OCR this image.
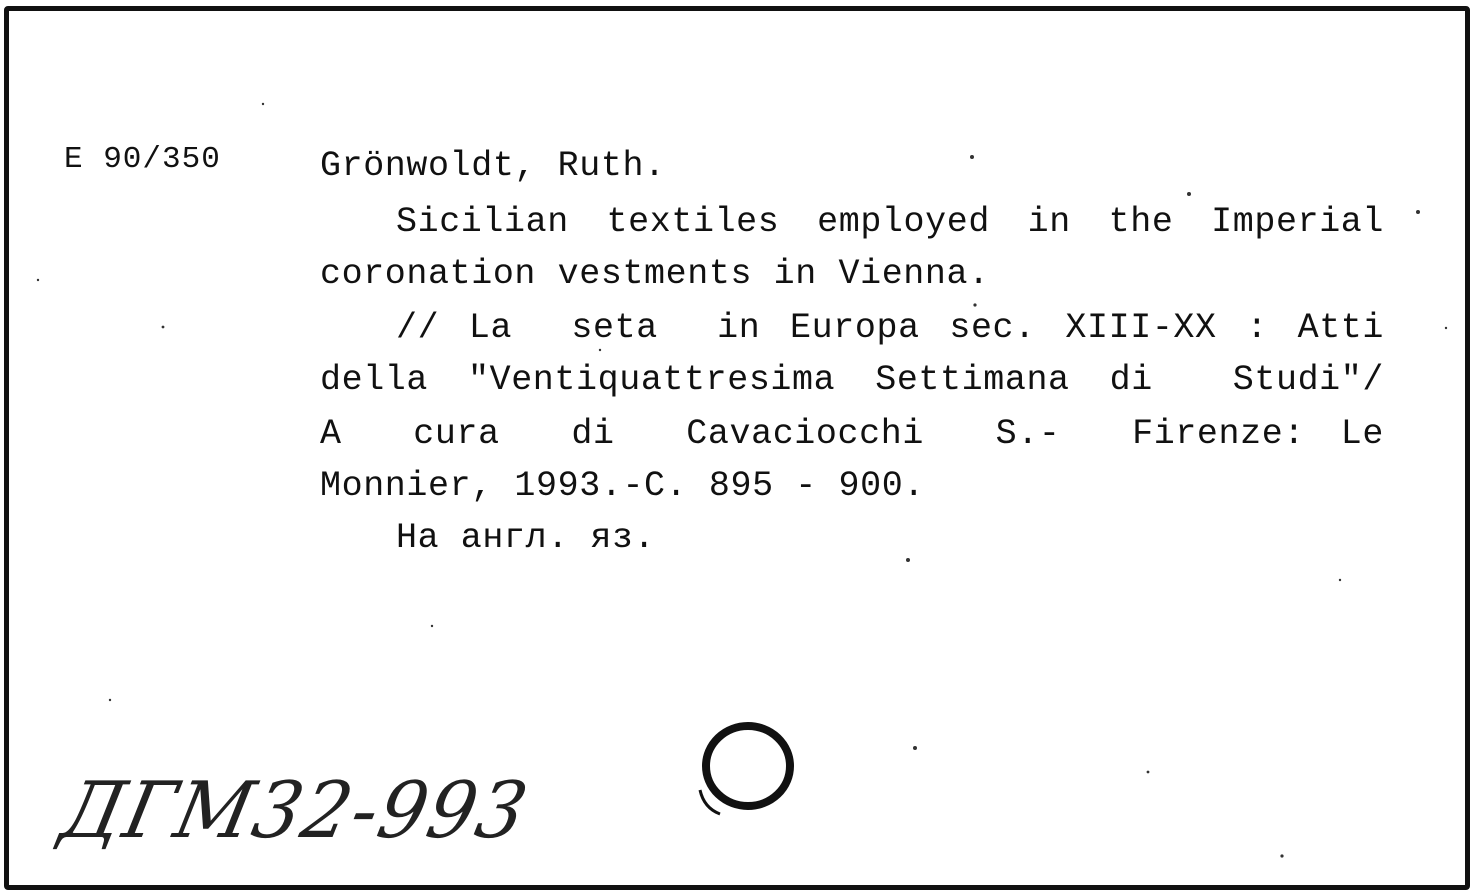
E 90/350	Grönwoldt, Ruth.
Sicilian textiles employed in the Imperial
coronation vestments in Vienna.
// La  seta  in Europa sec. XIII-XX : Atti
della "Ventiquattresima Settimana di  Studi"/
A  cura  di  Cavaciocchi  S.-  Firenze: Le
Monnier, 1993.-C. 895 - 900.
На англ. яз.
ДГМ32-993
